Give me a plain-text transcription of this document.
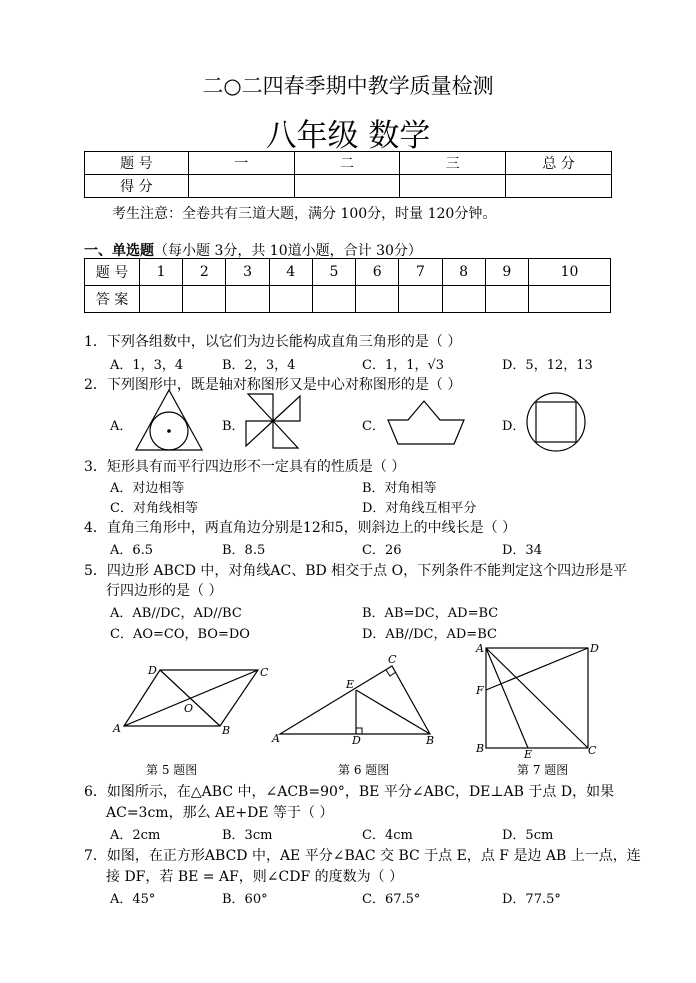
二○二四春季期中教学质量检测
八年级 数学
题 号	一	二	三	总 分
得 分				
考生注意：全卷共有三道大题，满分 100分，时量 120分钟。
一、单选题（每小题 3分，共 10道小题，合计 30分）
题 号	1	2	3	4	5	6	7	8	9	10
答 案										
1．下列各组数中，以它们为边长能构成直角三角形的是（ ）
A．1，3，4	B．2，3，4	C．1，1，√3	D．5，12，13
2．下列图形中，既是轴对称图形又是中心对称图形的是（ ）
A．	B．	C．	D．
3．矩形具有而平行四边形不一定具有的性质是（ ）
A．对边相等	B．对角相等
C．对角线相等	D．对角线互相平分
4．直角三角形中，两直角边分别是12和5，则斜边上的中线长是（ ）
A．6.5	B．8.5	C．26	D．34
5．四边形 ABCD 中，对角线AC、BD 相交于点 O，下列条件不能判定这个四边形是平
行四边形的是（ ）
A．AB//DC，AD//BC	B．AB=DC，AD=BC
C．AO=CO，BO=DO	D．AB//DC，AD=BC
D	C
O
A	B
第 5 题图
C
E
A	D	B
第 6 题图
A	D
F
B	E	C
第 7 题图
6．如图所示，在△ABC 中，∠ACB=90°，BE 平分∠ABC，DE⊥AB 于点 D，如果
AC=3cm，那么 AE+DE 等于（ ）
A．2cm	B．3cm	C．4cm	D．5cm
7．如图，在正方形ABCD 中，AE 平分∠BAC 交 BC 于点 E，点 F 是边 AB 上一点，连
接 DF，若 BE = AF，则∠CDF 的度数为（ ）
A．45°	B．60°	C．67.5°	D．77.5°
